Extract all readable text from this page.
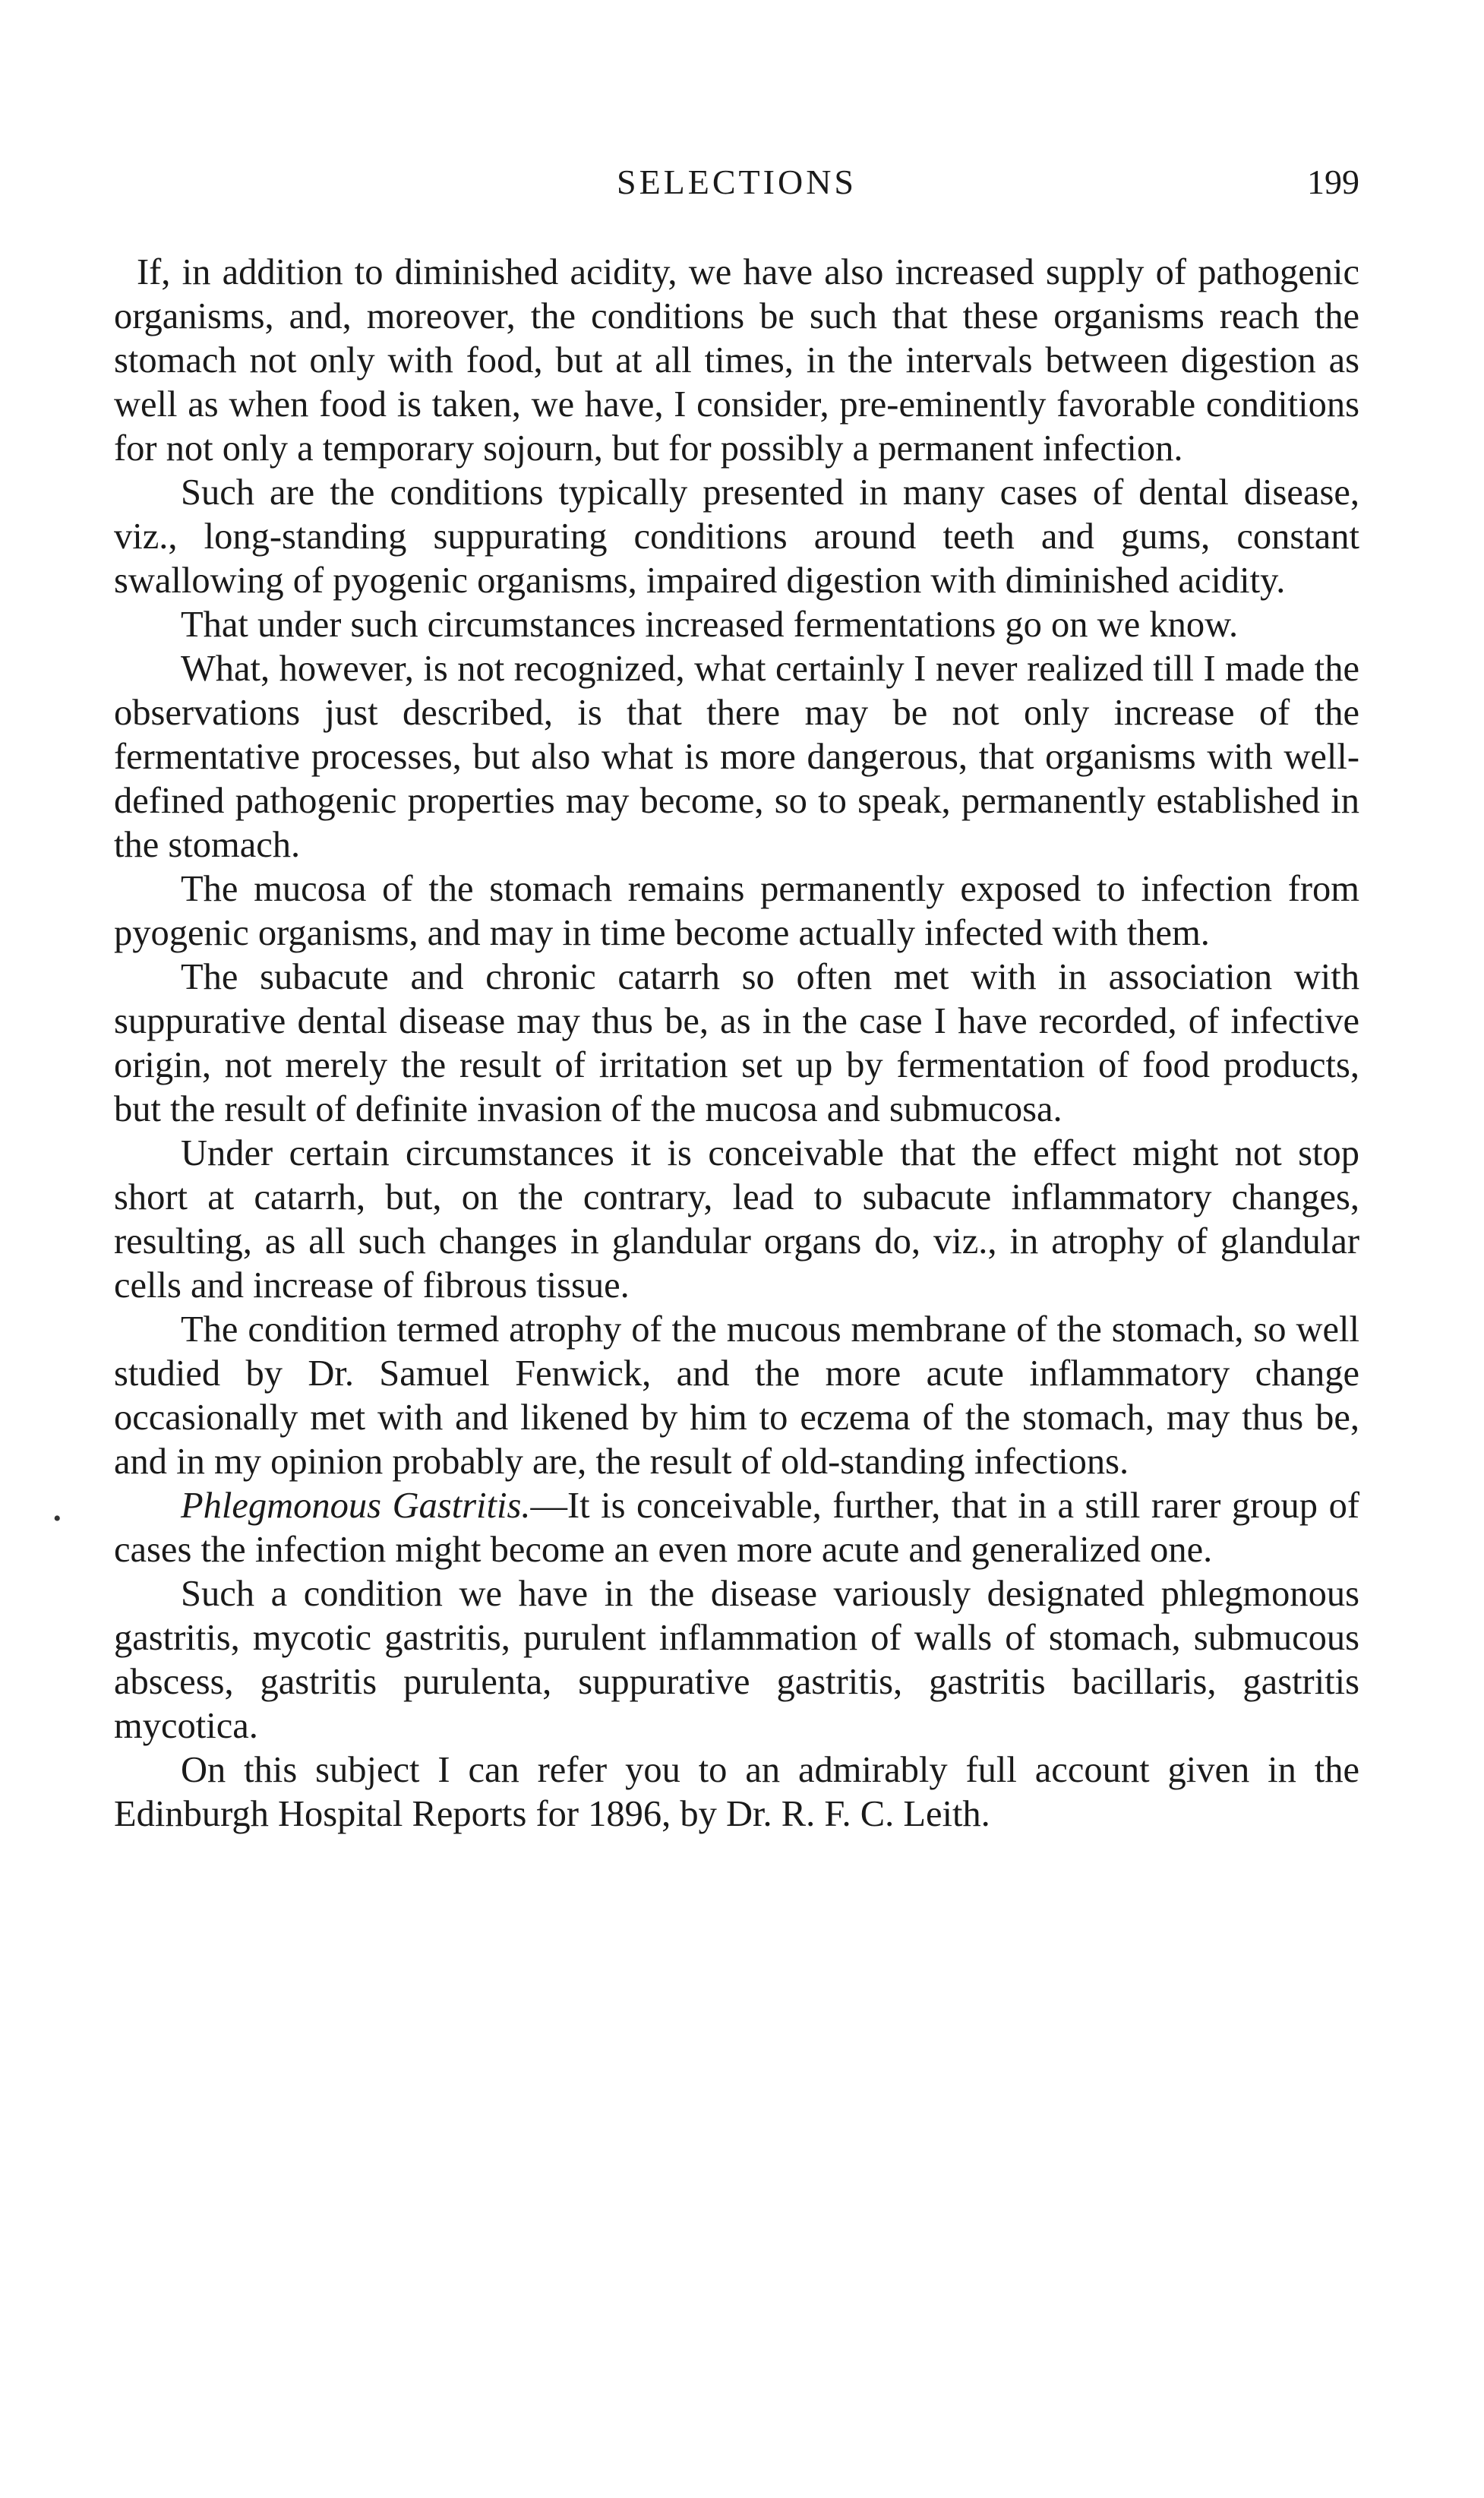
SELECTIONS	199
•

If, in addition to diminished acidity, we have also increased supply of pathogenic organisms, and, moreover, the conditions be such that these organisms reach the stomach not only with food, but at all times, in the intervals between digestion as well as when food is taken, we have, I consider, pre-eminently favorable conditions for not only a temporary sojourn, but for possibly a permanent infection.

Such are the conditions typically presented in many cases of dental disease, viz., long-standing suppurating conditions around teeth and gums, constant swallowing of pyogenic organisms, impaired digestion with diminished acidity.

That under such circumstances increased fermentations go on we know.

What, however, is not recognized, what certainly I never realized till I made the observations just described, is that there may be not only increase of the fermentative processes, but also what is more dangerous, that organisms with well-defined pathogenic properties may become, so to speak, permanently established in the stomach.

The mucosa of the stomach remains permanently exposed to infection from pyogenic organisms, and may in time become actually infected with them.

The subacute and chronic catarrh so often met with in association with suppurative dental disease may thus be, as in the case I have recorded, of infective origin, not merely the result of irritation set up by fermentation of food products, but the result of definite invasion of the mucosa and submucosa.

Under certain circumstances it is conceivable that the effect might not stop short at catarrh, but, on the contrary, lead to subacute inflammatory changes, resulting, as all such changes in glandular organs do, viz., in atrophy of glandular cells and increase of fibrous tissue.

The condition termed atrophy of the mucous membrane of the stomach, so well studied by Dr. Samuel Fenwick, and the more acute inflammatory change occasionally met with and likened by him to eczema of the stomach, may thus be, and in my opinion probably are, the result of old-standing infections.

Phlegmonous Gastritis.—It is conceivable, further, that in a still rarer group of cases the infection might become an even more acute and generalized one.

Such a condition we have in the disease variously designated phlegmonous gastritis, mycotic gastritis, purulent inflammation of walls of stomach, submucous abscess, gastritis purulenta, suppurative gastritis, gastritis bacillaris, gastritis mycotica.

On this subject I can refer you to an admirably full account given in the Edinburgh Hospital Reports for 1896, by Dr. R. F. C. Leith.
